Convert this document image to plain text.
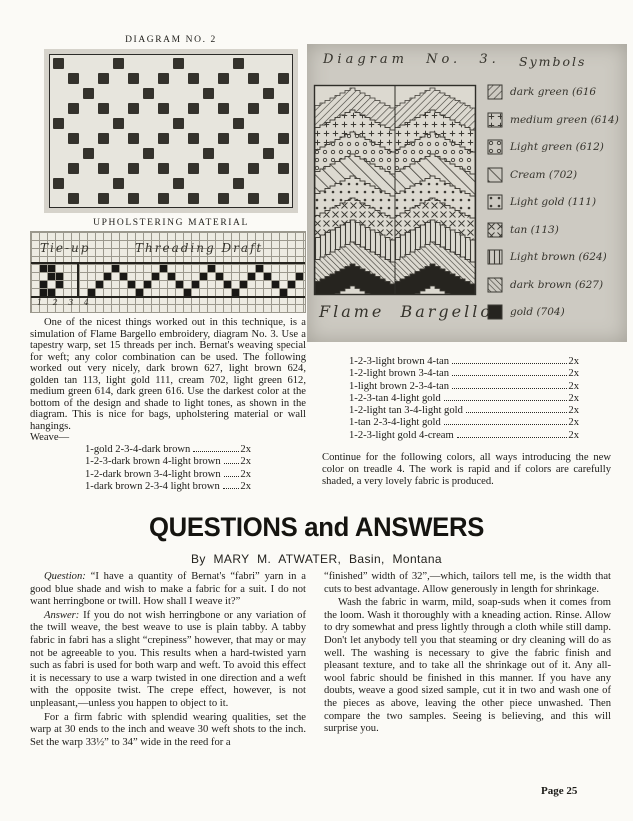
DIAGRAM NO. 2
UPHOLSTERING MATERIAL
Tie-up	Threading Draft
1 2 3 4
Diagram No. 3. Symbols
dark green (616
medium green (614)
Light green (612)
Cream (702)
Light gold (111)
tan (113)
Light brown (624)
dark brown (627)
gold (704)
Flame Bargello

One of the nicest things worked out in this technique, is a simulation of Flame Bargello embroidery, diagram No. 3. Use a tapestry warp, set 15 threads per inch. Bernat's weaving special for weft; any color combination can be used. The following worked out very nicely, dark brown 627, light brown 624, golden tan 113, light gold 111, cream 702, light green 612, medium green 614, dark green 616. Use the darkest color at the bottom of the design and shade to light tones, as shown in the diagram. This is nice for bags, upholstering material or wall hangings.

Weave—
1-gold 2-3-4-dark brown	2x
1-2-3-dark brown 4-light brown 2x
1-2-dark brown 3-4-light brown 2x
1-dark brown 2-3-4 light brown 2x
1-2-3-light brown 4-tan	2x
1-2-light brown 3-4-tan	2x
1-light brown 2-3-4-tan	2x
1-2-3-tan 4-light gold	2x
1-2-light tan 3-4-light gold	2x
1-tan 2-3-4-light gold	2x
1-2-3-light gold 4-cream	2x

Continue for the following colors, all ways introducing the new color on treadle 4. The work is rapid and if colors are carefully shaded, a very lovely fabric is produced.

QUESTIONS and ANSWERS
By MARY M. ATWATER, Basin, Montana

Question: “I have a quantity of Bernat's “fabri” yarn in a good blue shade and wish to make a fabric for a suit. I do not want herringbone or twill. How shall I weave it?”

Answer: If you do not wish herringbone or any variation of the twill weave, the best weave to use is plain tabby. A tabby fabric in fabri has a slight “crepiness” however, that may or may not be agreeable to you. This results when a hard-twisted yarn such as fabri is used for both warp and weft. To avoid this effect it is necessary to use a warp twisted in one direction and a weft with the opposite twist. The crepe effect, however, is not unpleasant,—unless you happen to object to it.

For a firm fabric with splendid wearing qualities, set the warp at 30 ends to the inch and weave 30 weft shots to the inch. Set the warp 33½” to 34” wide in the reed for a

“finished” width of 32”,—which, tailors tell me, is the width that cuts to best advantage. Allow generously in length for shrinkage.

Wash the fabric in warm, mild, soap-suds when it comes from the loom. Wash it thoroughly with a kneading action. Rinse. Allow to dry somewhat and press lightly through a cloth while still damp. Don't let anybody tell you that steaming or dry cleaning will do as well. The washing is necessary to give the fabric finish and pleasant texture, and to take all the shrinkage out of it. Any all-wool fabric should be finished in this manner. If you have any doubts, weave a good sized sample, cut it in two and wash one of the pieces as above, leaving the other piece unwashed. Then compare the two samples. Seeing is believing, and this will surprise you.

Page 25
